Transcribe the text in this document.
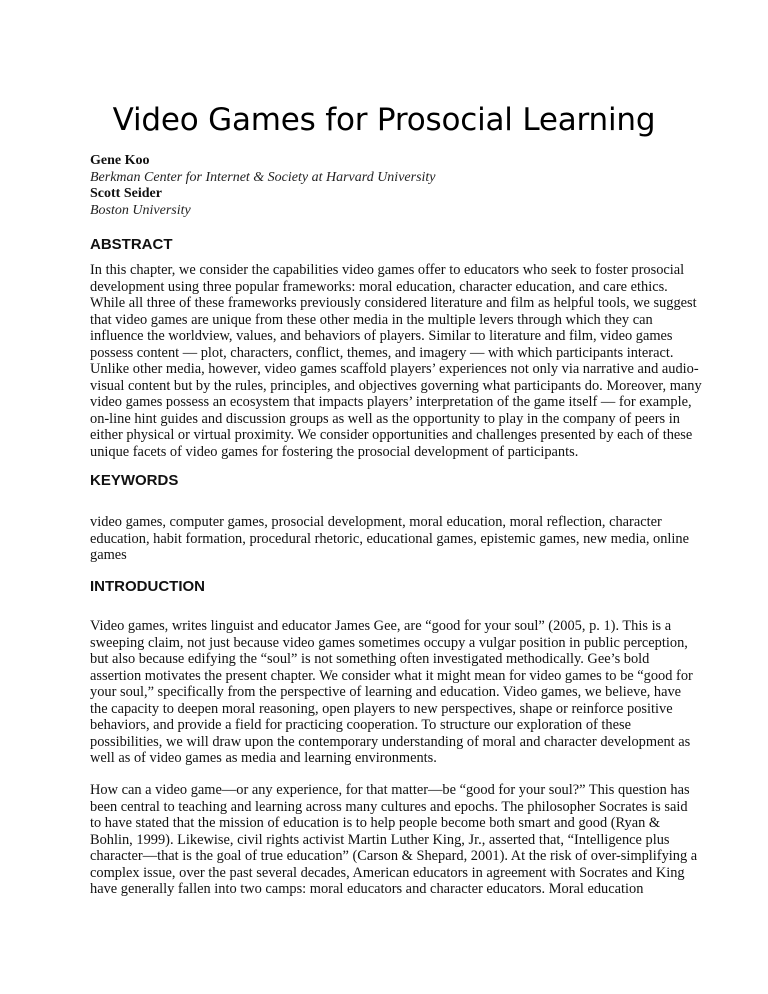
Video Games for Prosocial Learning
Gene Koo
Berkman Center for Internet & Society at Harvard University
Scott Seider
Boston University
ABSTRACT
In this chapter, we consider the capabilities video games offer to educators who seek to foster prosocial
development using three popular frameworks: moral education, character education, and care ethics.
While all three of these frameworks previously considered literature and film as helpful tools, we suggest
that video games are unique from these other media in the multiple levers through which they can
influence the worldview, values, and behaviors of players. Similar to literature and film, video games
possess content — plot, characters, conflict, themes, and imagery — with which participants interact.
Unlike other media, however, video games scaffold players’ experiences not only via narrative and audio-
visual content but by the rules, principles, and objectives governing what participants do. Moreover, many
video games possess an ecosystem that impacts players’ interpretation of the game itself — for example,
on-line hint guides and discussion groups as well as the opportunity to play in the company of peers in
either physical or virtual proximity. We consider opportunities and challenges presented by each of these
unique facets of video games for fostering the prosocial development of participants.
KEYWORDS
video games, computer games, prosocial development, moral education, moral reflection, character
education, habit formation, procedural rhetoric, educational games, epistemic games, new media, online
games
INTRODUCTION
Video games, writes linguist and educator James Gee, are “good for your soul” (2005, p. 1). This is a
sweeping claim, not just because video games sometimes occupy a vulgar position in public perception,
but also because edifying the “soul” is not something often investigated methodically. Gee’s bold
assertion motivates the present chapter. We consider what it might mean for video games to be “good for
your soul,” specifically from the perspective of learning and education. Video games, we believe, have
the capacity to deepen moral reasoning, open players to new perspectives, shape or reinforce positive
behaviors, and provide a field for practicing cooperation. To structure our exploration of these
possibilities, we will draw upon the contemporary understanding of moral and character development as
well as of video games as media and learning environments.
How can a video game—or any experience, for that matter—be “good for your soul?” This question has
been central to teaching and learning across many cultures and epochs. The philosopher Socrates is said
to have stated that the mission of education is to help people become both smart and good (Ryan &
Bohlin, 1999). Likewise, civil rights activist Martin Luther King, Jr., asserted that, “Intelligence plus
character—that is the goal of true education” (Carson & Shepard, 2001). At the risk of over-simplifying a
complex issue, over the past several decades, American educators in agreement with Socrates and King
have generally fallen into two camps: moral educators and character educators. Moral education
